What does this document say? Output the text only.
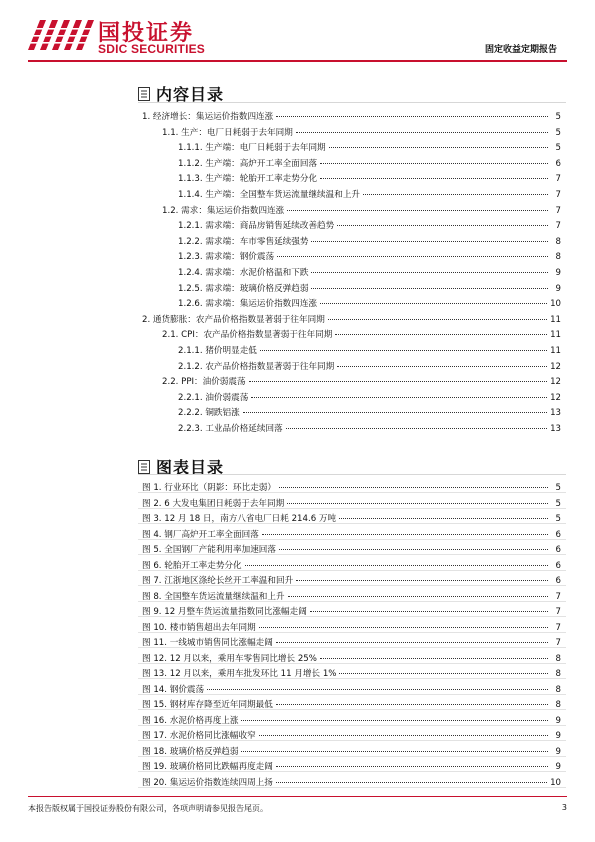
国投证券
SDIC SECURITIES	固定收益定期报告
内容目录
1. 经济增长：集运运价指数四连涨	5
1.1. 生产：电厂日耗弱于去年同期	5
1.1.1. 生产端：电厂日耗弱于去年同期	5
1.1.2. 生产端：高炉开工率全面回落	6
1.1.3. 生产端：轮胎开工率走势分化	7
1.1.4. 生产端：全国整车货运流量继续温和上升	7
1.2. 需求：集运运价指数四连涨	7
1.2.1. 需求端：商品房销售延续改善趋势	7
1.2.2. 需求端：车市零售延续强势	8
1.2.3. 需求端：钢价震荡	8
1.2.4. 需求端：水泥价格温和下跌	9
1.2.5. 需求端：玻璃价格反弹趋弱	9
1.2.6. 需求端：集运运价指数四连涨	10
2. 通货膨胀：农产品价格指数显著弱于往年同期	11
2.1. CPI：农产品价格指数显著弱于往年同期	11
2.1.1. 猪价明显走低	11
2.1.2. 农产品价格指数显著弱于往年同期	12
2.2. PPI：油价弱震荡	12
2.2.1. 油价弱震荡	12
2.2.2. 铜跌铝涨	13
2.2.3. 工业品价格延续回落	13
图表目录
图 1. 行业环比（阴影：环比走弱）	5
图 2. 6 大发电集团日耗弱于去年同期	5
图 3. 12 月 18 日，南方八省电厂日耗 214.6 万吨	5
图 4. 钢厂高炉开工率全面回落	6
图 5. 全国钢厂产能利用率加速回落	6
图 6. 轮胎开工率走势分化	6
图 7. 江浙地区涤纶长丝开工率温和回升	6
图 8. 全国整车货运流量继续温和上升	7
图 9. 12 月整车货运流量指数同比涨幅走阔	7
图 10. 楼市销售超出去年同期	7
图 11. 一线城市销售同比涨幅走阔	7
图 12. 12 月以来，乘用车零售同比增长 25%	8
图 13. 12 月以来，乘用车批发环比 11 月增长 1%	8
图 14. 钢价震荡	8
图 15. 钢材库存降至近年同期最低	8
图 16. 水泥价格再度上涨	9
图 17. 水泥价格同比涨幅收窄	9
图 18. 玻璃价格反弹趋弱	9
图 19. 玻璃价格同比跌幅再度走阔	9
图 20. 集运运价指数连续四周上扬	10
本报告版权属于国投证券股份有限公司，各项声明请参见报告尾页。	3
